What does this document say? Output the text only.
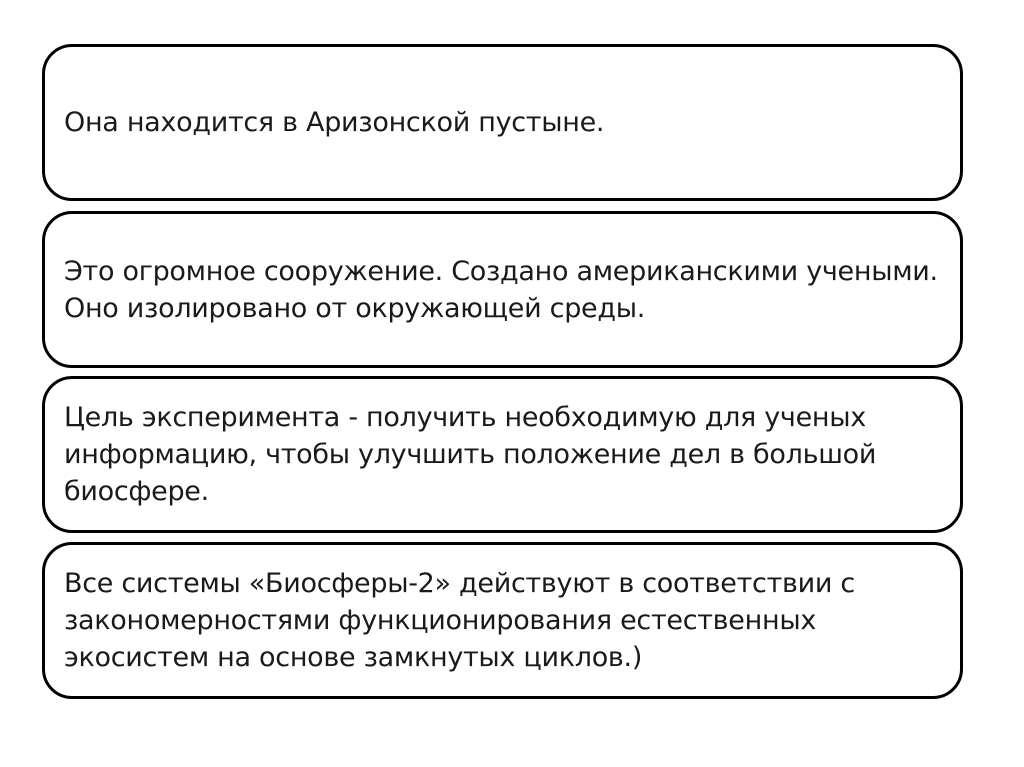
Она находится в Аризонской пустыне.
Это огромное сооружение. Создано американскими учеными. Оно изолировано от окружающей среды.
Цель эксперимента - получить необходимую для ученых информацию, чтобы улучшить положение дел в большой биосфере.
Все системы «Биосферы-2» действуют в соответствии с закономерностями функционирования естественных экосистем на основе замкнутых циклов.)
